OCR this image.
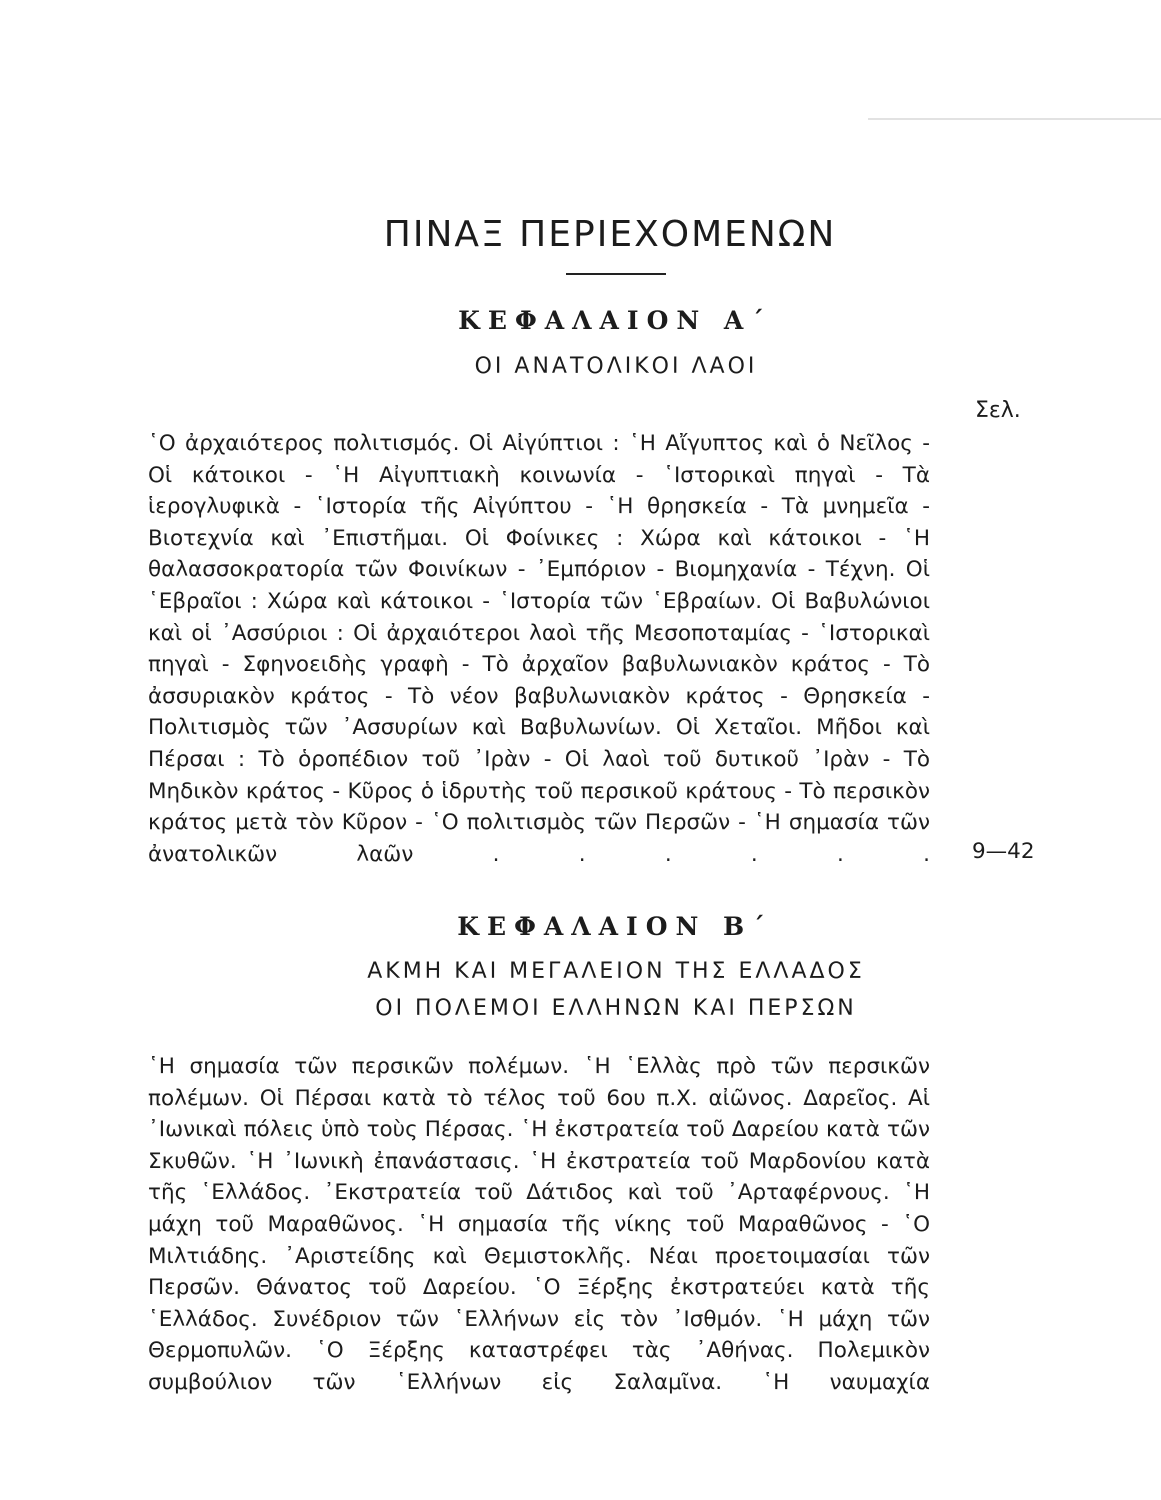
ΠΙΝΑΞ ΠΕΡΙΕΧΟΜΕΝΩΝ
ΚΕΦΑΛΑΙΟΝ Α΄
ΟΙ ΑΝΑΤΟΛΙΚΟΙ ΛΑΟΙ
Σελ.
῾Ο ἀρχαιότερος πολιτισμός. Οἱ Αἰγύπτιοι : ῾Η Αἴγυπτος καὶ ὁ Νεῖλος - Οἱ κάτοικοι - ῾Η Αἰγυπτιακὴ κοινωνία - ῾Ιστορικαὶ πηγαὶ - Τὰ ἱερογλυφικὰ - ῾Ιστορία τῆς Αἰγύπτου - ῾Η θρησκεία - Τὰ μνημεῖα - Βιοτεχνία καὶ ᾿Επιστῆμαι. Οἱ Φοίνικες : Χώρα καὶ κάτοικοι - ῾Η θαλασσοκρατορία τῶν Φοινίκων - ᾿Εμπόριον - Βιομηχανία - Τέχνη. Οἱ ῾Εβραῖοι : Χώρα καὶ κάτοικοι - ῾Ιστορία τῶν ῾Εβραίων. Οἱ Βαβυλώνιοι καὶ οἱ ᾿Ασσύριοι : Οἱ ἀρχαιότεροι λαοὶ τῆς Μεσοποταμίας - ῾Ιστορικαὶ πηγαὶ - Σφηνοειδὴς γραφὴ - Τὸ ἀρχαῖον βαβυλωνιακὸν κράτος - Τὸ ἀσσυριακὸν κράτος - Τὸ νέον βαβυλωνιακὸν κράτος - Θρησκεία - Πολιτισμὸς τῶν ᾿Ασσυρίων καὶ Βαβυλωνίων. Οἱ Χεταῖοι. Μῆδοι καὶ Πέρσαι : Τὸ ὁροπέδιον τοῦ ᾿Ιρὰν - Οἱ λαοὶ τοῦ δυτικοῦ ᾿Ιρὰν - Τὸ Μηδικὸν κράτος - Κῦρος ὁ ἱδρυτὴς τοῦ περσικοῦ κράτους - Τὸ περσικὸν κράτος μετὰ τὸν Κῦρον - ῾Ο πολιτισμὸς τῶν Περσῶν - ῾Η σημασία τῶν ἀνατολικῶν λαῶν . . . . . . 9—42
ΚΕΦΑΛΑΙΟΝ Β΄
ΑΚΜΗ ΚΑΙ ΜΕΓΑΛΕΙΟΝ ΤΗΣ ΕΛΛΑΔΟΣ
ΟΙ ΠΟΛΕΜΟΙ ΕΛΛΗΝΩΝ ΚΑΙ ΠΕΡΣΩΝ
῾Η σημασία τῶν περσικῶν πολέμων. ῾Η ῾Ελλὰς πρὸ τῶν περσικῶν πολέμων. Οἱ Πέρσαι κατὰ τὸ τέλος τοῦ 6ου π.Χ. αἰῶνος. Δαρεῖος. Αἱ ᾿Ιωνικαὶ πόλεις ὑπὸ τοὺς Πέρσας. ῾Η ἐκστρατεία τοῦ Δαρείου κατὰ τῶν Σκυθῶν. ῾Η ᾿Ιωνικὴ ἐπανάστασις. ῾Η ἐκστρατεία τοῦ Μαρδονίου κατὰ τῆς ῾Ελλάδος. ᾿Εκστρατεία τοῦ Δάτιδος καὶ τοῦ ᾿Αρταφέρνους. ῾Η μάχη τοῦ Μαραθῶνος. ῾Η σημασία τῆς νίκης τοῦ Μαραθῶνος - ῾Ο Μιλτιάδης. ᾿Αριστείδης καὶ Θεμιστοκλῆς. Νέαι προετοιμασίαι τῶν Περσῶν. Θάνατος τοῦ Δαρείου. ῾Ο Ξέρξης ἐκστρατεύει κατὰ τῆς ῾Ελλάδος. Συνέδριον τῶν ῾Ελλήνων εἰς τὸν ᾿Ισθμόν. ῾Η μάχη τῶν Θερμοπυλῶν. ῾Ο Ξέρξης καταστρέφει τὰς ᾿Αθήνας. Πολεμικὸν συμβούλιον τῶν ῾Ελλήνων εἰς Σαλαμῖνα. ῾Η ναυμαχία
